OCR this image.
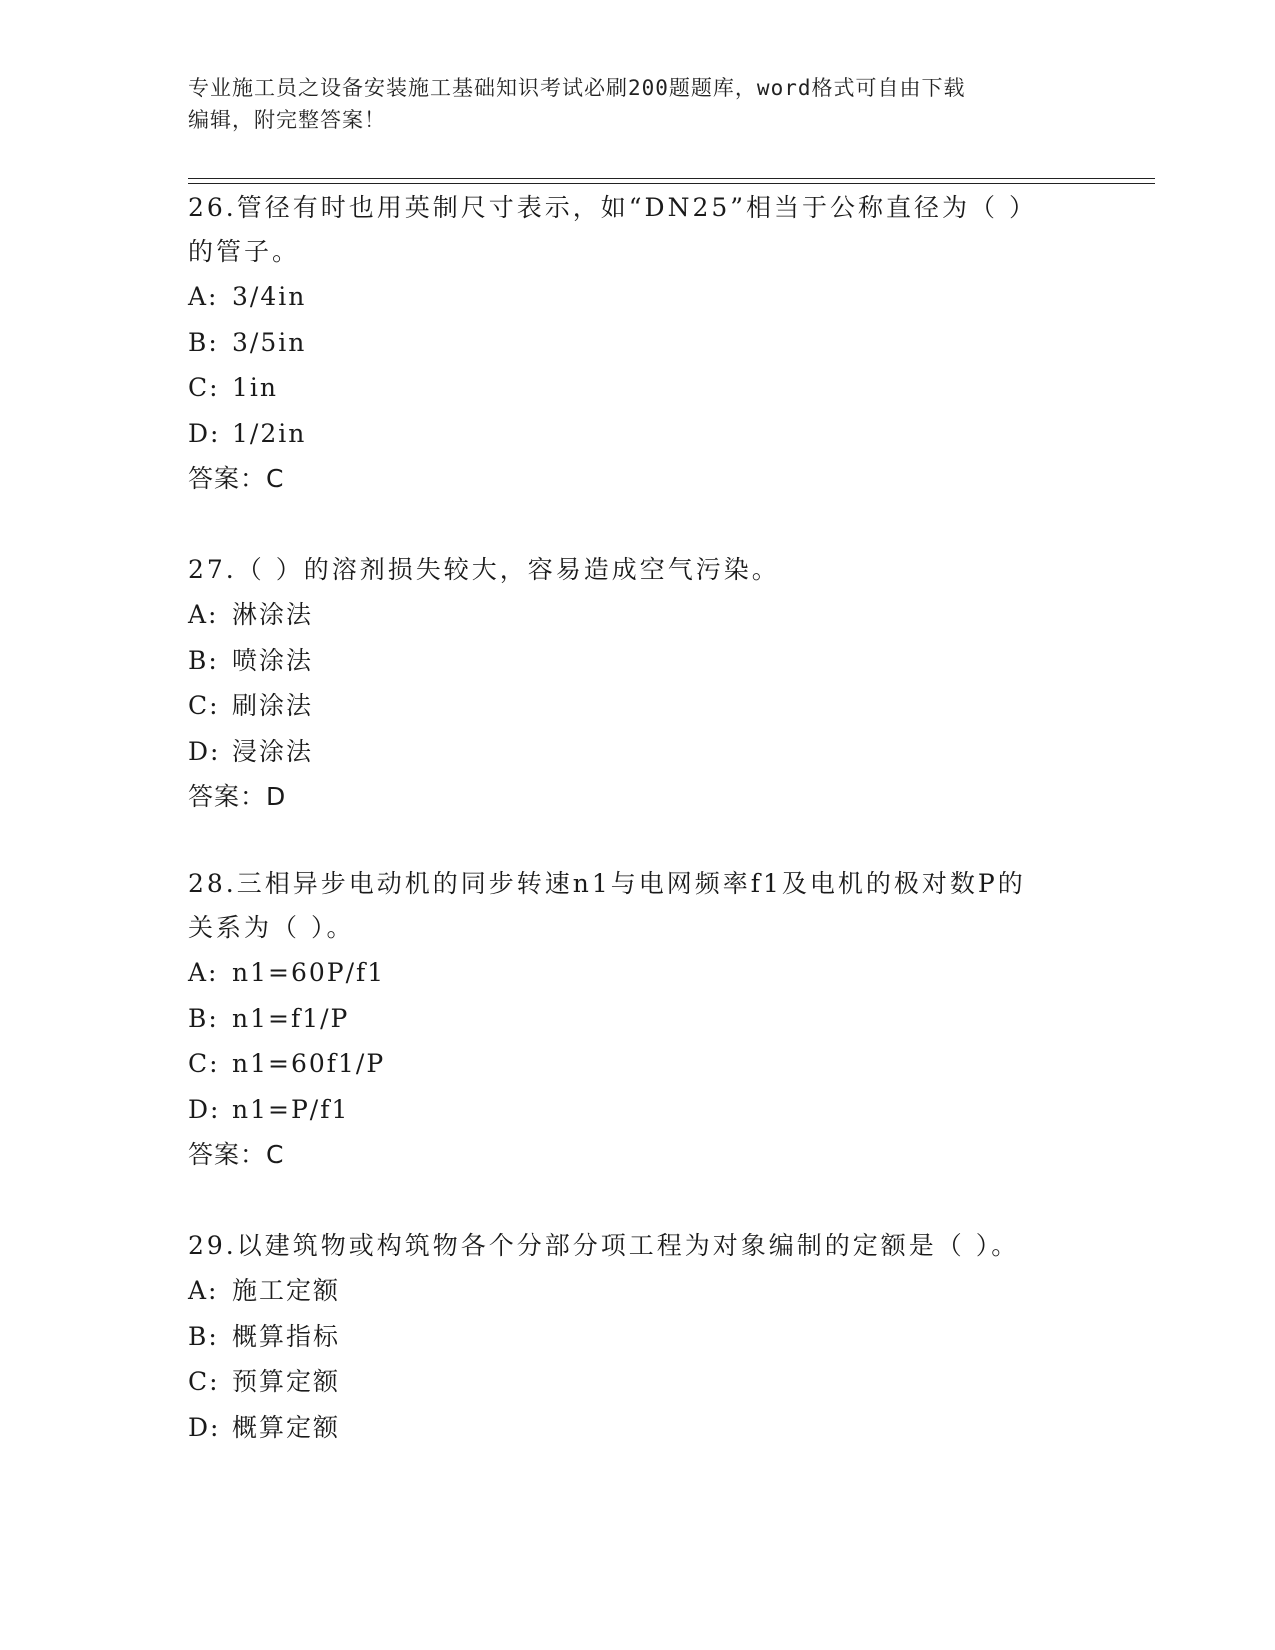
专业施工员之设备安装施工基础知识考试必刷200题题库，word格式可自由下载
编辑，附完整答案！

26.管径有时也用英制尺寸表示，如“DN25”相当于公称直径为（ ）

的管子。

A: 3/4in

B: 3/5in

C: 1in

D: 1/2in

答案：C

27.（ ）的溶剂损失较大，容易造成空气污染。

A: 淋涂法

B: 喷涂法

C: 刷涂法

D: 浸涂法

答案：D

28.三相异步电动机的同步转速n1与电网频率f1及电机的极对数P的

关系为（ ）。

A: n1=60P/f1

B: n1=f1/P

C: n1=60f1/P

D: n1=P/f1

答案：C

29.以建筑物或构筑物各个分部分项工程为对象编制的定额是（ ）。

A: 施工定额

B: 概算指标

C: 预算定额

D: 概算定额
